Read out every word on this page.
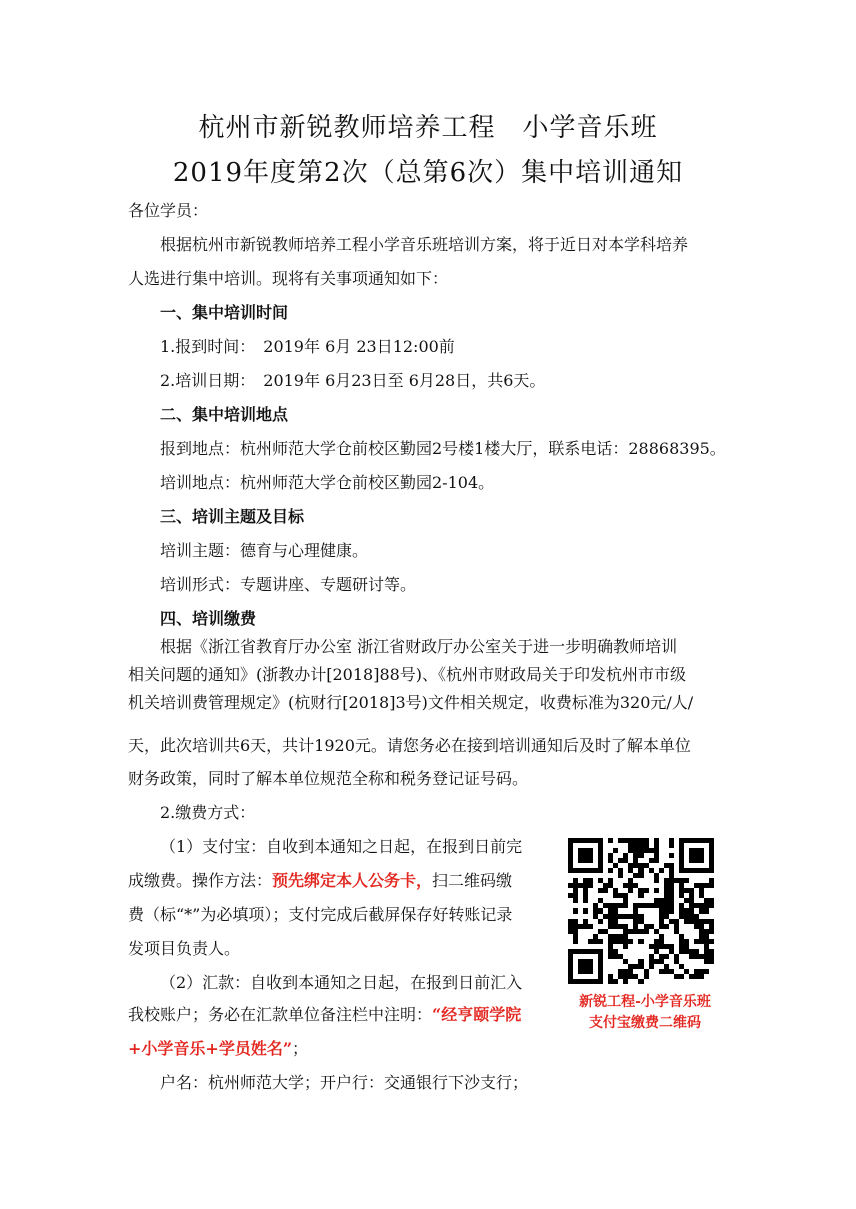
杭州市新锐教师培养工程　小学音乐班
2019年度第2次（总第6次）集中培训通知
各位学员：
根据杭州市新锐教师培养工程小学音乐班培训方案，将于近日对本学科培养
人选进行集中培训。现将有关事项通知如下：
一、集中培训时间
1.报到时间：　2019年 6月 23日12:00前
2.培训日期：　2019年 6月23日至 6月28日，共6天。
二、集中培训地点
报到地点：杭州师范大学仓前校区勤园2号楼1楼大厅，联系电话：28868395。
培训地点：杭州师范大学仓前校区勤园2-104。
三、培训主题及目标
培训主题：德育与心理健康。
培训形式：专题讲座、专题研讨等。
四、培训缴费
根据《浙江省教育厅办公室 浙江省财政厅办公室关于进一步明确教师培训
相关问题的通知》(浙教办计[2018]88号)、《杭州市财政局关于印发杭州市市级
机关培训费管理规定》(杭财行[2018]3号)文件相关规定，收费标准为320元/人/
天，此次培训共6天，共计1920元。请您务必在接到培训通知后及时了解本单位
财务政策，同时了解本单位规范全称和税务登记证号码。
2.缴费方式：
（1）支付宝：自收到本通知之日起，在报到日前完
成缴费。操作方法：预先绑定本人公务卡，扫二维码缴
费（标“*”为必填项）；支付完成后截屏保存好转账记录
发项目负责人。
（2）汇款：自收到本通知之日起，在报到日前汇入
我校账户；务必在汇款单位备注栏中注明：“经亨颐学院
+小学音乐+学员姓名”；
户名：杭州师范大学；开户行：交通银行下沙支行；
新锐工程-小学音乐班
支付宝缴费二维码
